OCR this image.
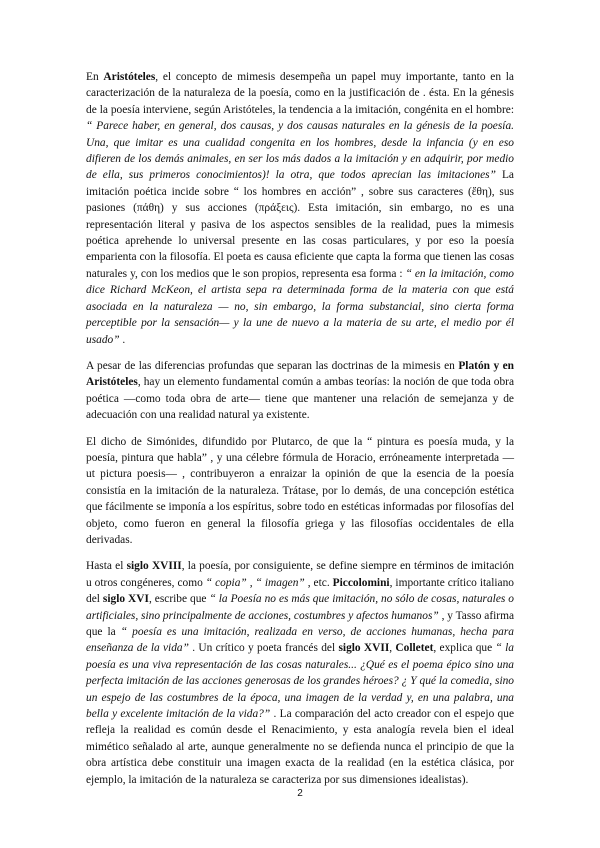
En Aristóteles, el concepto de mimesis desempeña un papel muy importante, tanto en la caracterización de la naturaleza de la poesía, como en la justificación de . ésta. En la génesis de la poesía interviene, según Aristóteles, la tendencia a la imitación, congénita en el hombre: “ Parece haber, en general, dos causas, y dos causas naturales en la génesis de la poesía. Una, que imitar es una cualidad congenita en los hombres, desde la infancia (y en eso difieren de los demás animales, en ser los más dados a la imitación y en adquirir, por medio de ella, sus primeros conocimientos)! la otra, que todos aprecian las imitaciones” La imitación poética incide sobre “ los hombres en acción” , sobre sus caracteres (ἔθη), sus pasiones (πάθη) y sus acciones (πράξεις). Esta imitación, sin embargo, no es una representación literal y pasiva de los aspectos sensibles de la realidad, pues la mimesis poética aprehende lo universal presente en las cosas particulares, y por eso la poesía emparienta con la filosofía. El poeta es causa eficiente que capta la forma que tienen las cosas naturales y, con los medios que le son propios, representa esa forma : “ en la imitación, como dice Richard McKeon, el artista sepa ra determinada forma de la materia con que está asociada en la naturaleza — no, sin embargo, la forma substancial, sino cierta forma perceptible por la sensación— y la une de nuevo a la materia de su arte, el medio por él usado” .

A pesar de las diferencias profundas que separan las doctrinas de la mimesis en Platón y en Aristóteles, hay un elemento fundamental común a ambas teorías: la noción de que toda obra poética —como toda obra de arte— tiene que mantener una relación de semejanza y de adecuación con una realidad natural ya existente.

El dicho de Simónides, difundido por Plutarco, de que la “ pintura es poesía muda, y la poesía, pintura que habla” , y una célebre fórmula de Horacio, erróneamente interpretada — ut pictura poesis— , contribuyeron a enraizar la opinión de que la esencia de la poesía consistía en la imitación de la naturaleza. Trátase, por lo demás, de una concepción estética que fácilmente se imponía a los espíritus, sobre todo en estéticas informadas por filosofías del objeto, como fueron en general la filosofía griega y las filosofías occidentales de ella derivadas.

Hasta el siglo XVIII, la poesía, por consiguiente, se define siempre en términos de imitación u otros congéneres, como “ copia” , “ imagen” , etc. Piccolomini, importante crítico italiano del siglo XVI, escribe que “ la Poesía no es más que imitación, no sólo de cosas, naturales o artificiales, sino principalmente de acciones, costumbres y afectos humanos” , y Tasso afirma que la “ poesía es una imitación, realizada en verso, de acciones humanas, hecha para enseñanza de la vida” . Un crítico y poeta francés del siglo XVII, Colletet, explica que “ la poesía es una viva representación de las cosas naturales... ¿Qué es el poema épico sino una perfecta imitación de las acciones generosas de los grandes héroes? ¿ Y qué la comedia, sino un espejo de las costumbres de la época, una imagen de la verdad y, en una palabra, una bella y excelente imitación de la vida?” . La comparación del acto creador con el espejo que refleja la realidad es común desde el Renacimiento, y esta analogía revela bien el ideal mimético señalado al arte, aunque generalmente no se defienda nunca el principio de que la obra artística debe constituir una imagen exacta de la realidad (en la estética clásica, por ejemplo, la imitación de la naturaleza se caracteriza por sus dimensiones idealistas).

2
